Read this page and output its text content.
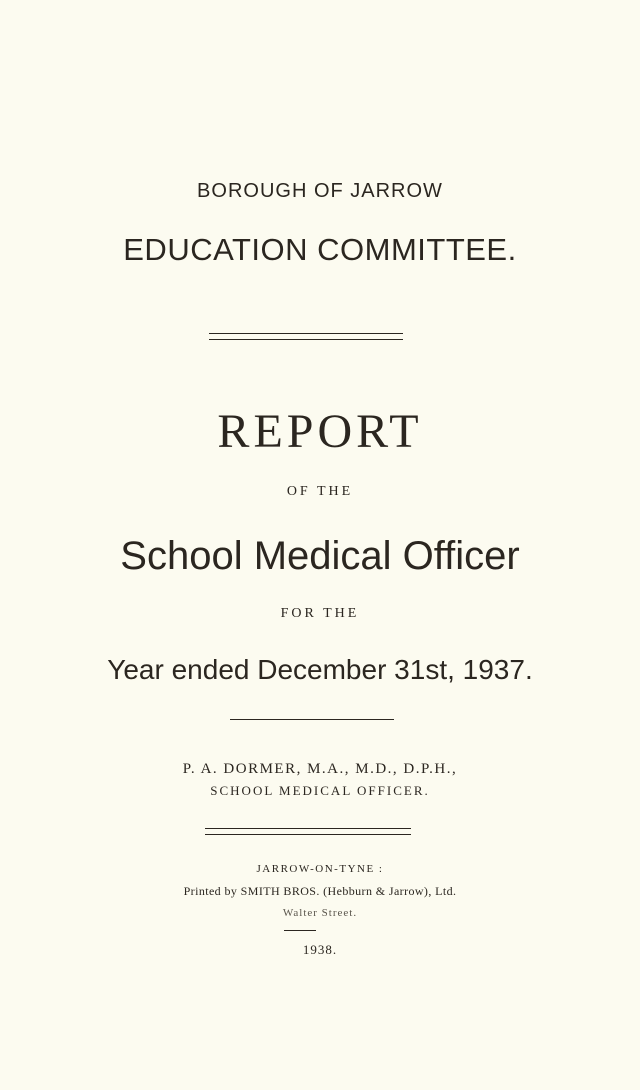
BOROUGH OF JARROW
EDUCATION COMMITTEE.
REPORT
OF THE
School Medical Officer
FOR THE
Year ended December 31st, 1937.
P. A. DORMER, M.A., M.D., D.P.H.,
SCHOOL MEDICAL OFFICER.
JARROW-ON-TYNE :
Printed by SMITH BROS. (Hebburn & Jarrow), Ltd.
Walter Street.
1938.
